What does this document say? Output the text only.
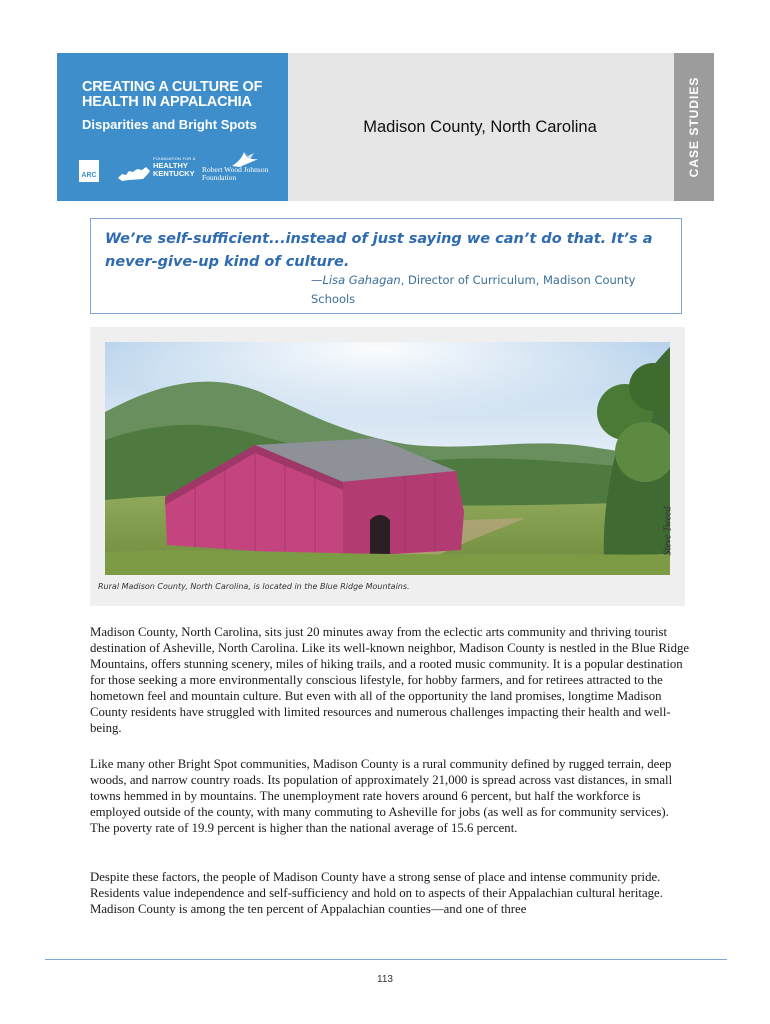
CREATING A CULTURE OF HEALTH IN APPALACHIA
Disparities and Bright Spots
ARC
FOUNDATION FOR A
HEALTHY
KENTUCKY Robert Wood Johnson
Foundation
Madison County, North Carolina	CASE STUDIES
We’re self-sufficient...instead of just saying we can’t do that. It’s a never-give-up kind of culture.
—Lisa Gahagan, Director of Curriculum, Madison County Schools
Steve Tweed
Rural Madison County, North Carolina, is located in the Blue Ridge Mountains.

Madison County, North Carolina, sits just 20 minutes away from the eclectic arts community and thriving tourist destination of Asheville, North Carolina. Like its well-known neighbor, Madison County is nestled in the Blue Ridge Mountains, offers stunning scenery, miles of hiking trails, and a rooted music community. It is a popular destination for those seeking a more environmentally conscious lifestyle, for hobby farmers, and for retirees attracted to the hometown feel and mountain culture. But even with all of the opportunity the land promises, longtime Madison County residents have struggled with limited resources and numerous challenges impacting their health and well-being.

Like many other Bright Spot communities, Madison County is a rural community defined by rugged terrain, deep woods, and narrow country roads. Its population of approximately 21,000 is spread across vast distances, in small towns hemmed in by mountains. The unemployment rate hovers around 6 percent, but half the workforce is employed outside of the county, with many commuting to Asheville for jobs (as well as for community services). The poverty rate of 19.9 percent is higher than the national average of 15.6 percent.

Despite these factors, the people of Madison County have a strong sense of place and intense community pride. Residents value independence and self-sufficiency and hold on to aspects of their Appalachian cultural heritage. Madison County is among the ten percent of Appalachian counties—and one of three

113
